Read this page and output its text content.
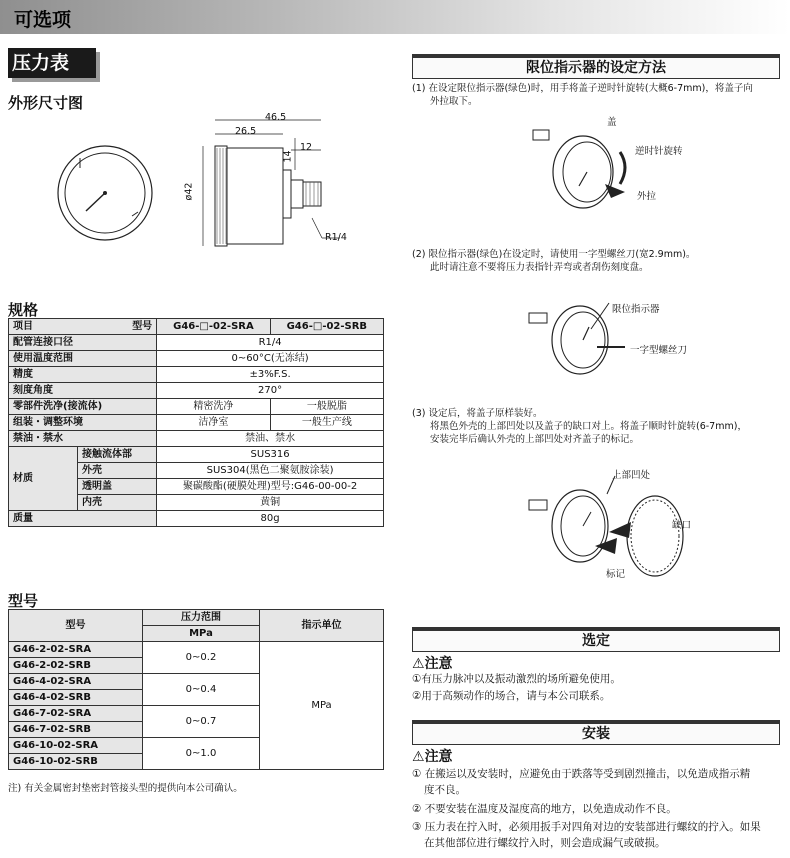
可选项
压力表
外形尺寸图
46.5
26.5
12
14
ø42
R1/4
规格
项目 型号		G46-□-02-SRA	G46-□-02-SRB
配管连接口径		R1/4	
使用温度范围		0~60°C(无冻结)	
精度		±3%F.S.	
刻度角度		270°	
零部件洗净(接流体)		精密洗净	一般脱脂
组装・调整环境		洁净室	一般生产线
禁油・禁水		禁油、禁水	
材质	接触流体部	SUS316	
	外壳	SUS304(黑色二聚氨胺涂装)	
	透明盖	聚碳酸酯(硬膜处理)型号:G46-00-00-2	
	内壳	黄铜	
质量		80g	
型号
型号	压力范围	指示单位
	MPa	
G46-2-02-SRA	0~0.2	MPa
G46-2-02-SRB		
G46-4-02-SRA	0~0.4	
G46-4-02-SRB		
G46-7-02-SRA	0~0.7	
G46-7-02-SRB		
G46-10-02-SRA	0~1.0	
G46-10-02-SRB		
注) 有关金属密封垫密封管接头型的提供向本公司确认。
限位指示器的设定方法
(1) 在设定限位指示器(绿色)时，用手将盖子逆时针旋转(大概6-7mm)，将盖子向
外拉取下。
盖
逆时针旋转
外拉
(2) 限位指示器(绿色)在设定时，请使用一字型螺丝刀(宽2.9mm)。
此时请注意不要将压力表指针弄弯或者刮伤刻度盘。
限位指示器
一字型螺丝刀
(3) 设定后，将盖子原样装好。
将黑色外壳的上部凹处以及盖子的缺口对上。将盖子顺时针旋转(6-7mm)，
安装完毕后确认外壳的上部凹处对齐盖子的标记。
上部凹处
缺口
标记
选定
⚠注意
①有压力脉冲以及振动激烈的场所避免使用。
②用于高频动作的场合，请与本公司联系。
安装
⚠注意
① 在搬运以及安装时，应避免由于跌落等受到剧烈撞击，以免造成指示精
度不良。
② 不要安装在温度及湿度高的地方，以免造成动作不良。
③ 压力表在拧入时，必须用扳手对四角对边的安装部进行螺纹的拧入。如果
在其他部位进行螺纹拧入时，则会造成漏气或破损。
